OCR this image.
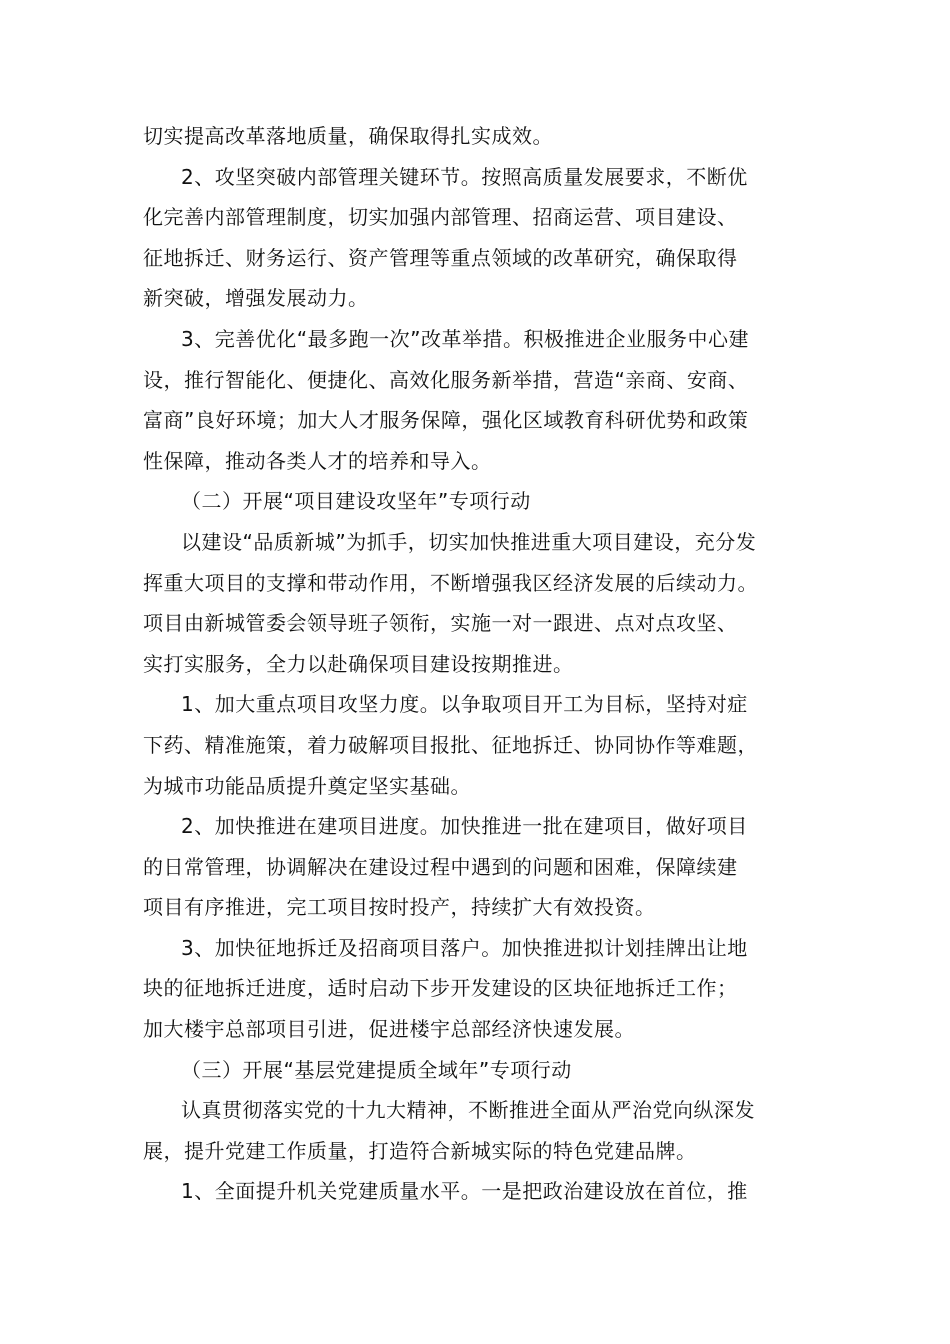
切实提高改革落地质量，确保取得扎实成效。
2、攻坚突破内部管理关键环节。按照高质量发展要求，不断优
化完善内部管理制度，切实加强内部管理、招商运营、项目建设、
征地拆迁、财务运行、资产管理等重点领域的改革研究，确保取得
新突破，增强发展动力。
3、完善优化“最多跑一次”改革举措。积极推进企业服务中心建
设，推行智能化、便捷化、高效化服务新举措，营造“亲商、安商、
富商”良好环境；加大人才服务保障，强化区域教育科研优势和政策
性保障，推动各类人才的培养和导入。
（二）开展“项目建设攻坚年”专项行动
以建设“品质新城”为抓手，切实加快推进重大项目建设，充分发
挥重大项目的支撑和带动作用，不断增强我区经济发展的后续动力。
项目由新城管委会领导班子领衔，实施一对一跟进、点对点攻坚、
实打实服务，全力以赴确保项目建设按期推进。
1、加大重点项目攻坚力度。以争取项目开工为目标，坚持对症
下药、精准施策，着力破解项目报批、征地拆迁、协同协作等难题，
为城市功能品质提升奠定坚实基础。
2、加快推进在建项目进度。加快推进一批在建项目，做好项目
的日常管理，协调解决在建设过程中遇到的问题和困难，保障续建
项目有序推进，完工项目按时投产，持续扩大有效投资。
3、加快征地拆迁及招商项目落户。加快推进拟计划挂牌出让地
块的征地拆迁进度，适时启动下步开发建设的区块征地拆迁工作；
加大楼宇总部项目引进，促进楼宇总部经济快速发展。
（三）开展“基层党建提质全域年”专项行动
认真贯彻落实党的十九大精神，不断推进全面从严治党向纵深发
展，提升党建工作质量，打造符合新城实际的特色党建品牌。
1、全面提升机关党建质量水平。一是把政治建设放在首位，推
